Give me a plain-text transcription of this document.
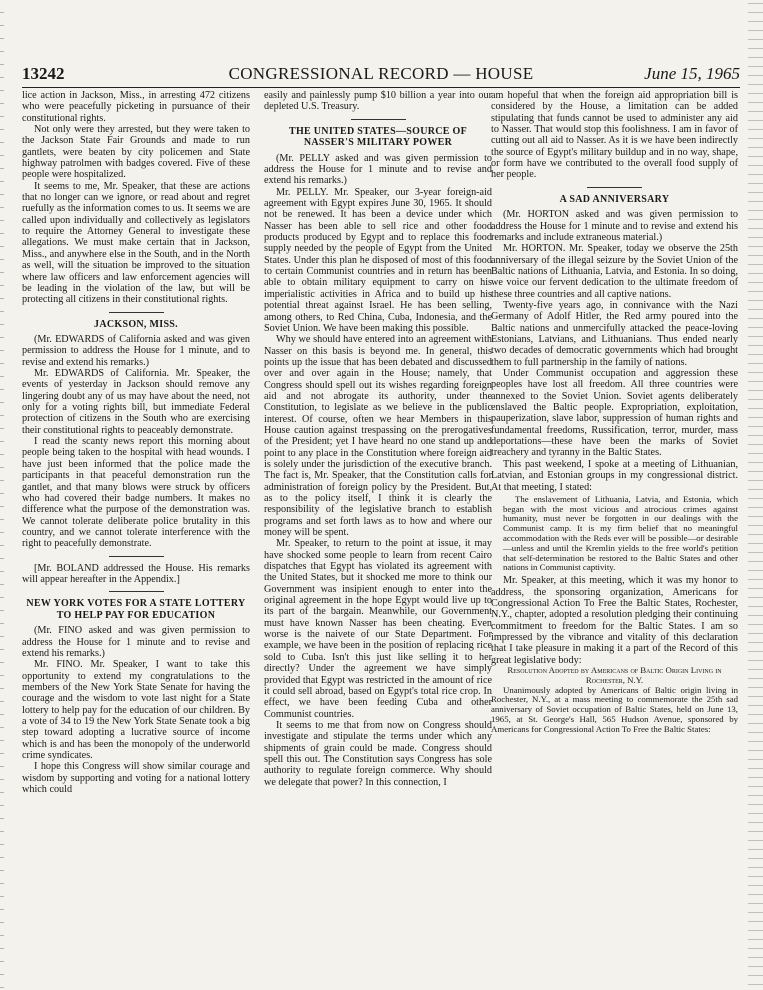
13242	CONGRESSIONAL RECORD — HOUSE	June 15, 1965

lice action in Jackson, Miss., in arresting 472 citizens who were peacefully picketing in pursuance of their constitutional rights.

Not only were they arrested, but they were taken to the Jackson State Fair Grounds and made to run gantlets, were beaten by city policemen and State highway patrolmen with badges covered. Five of these people were hospitalized.

It seems to me, Mr. Speaker, that these are actions that no longer can we ignore, or read about and regret ruefully as the information comes to us. It seems we are called upon individually and collectively as legislators to require the Attorney General to investigate these allegations. We must make certain that in Jackson, Miss., and anywhere else in the South, and in the North as well, will the situation be improved to the situation where law officers and law enforcement agencies will be leading in the violation of the law, but will be protecting all citizens in their constitutional rights.

JACKSON, MISS.

(Mr. EDWARDS of California asked and was given permission to address the House for 1 minute, and to revise and extend his remarks.)

Mr. EDWARDS of California. Mr. Speaker, the events of yesterday in Jackson should remove any lingering doubt any of us may have about the need, not only for a voting rights bill, but immediate Federal protection of citizens in the South who are exercising their constitutional rights to peaceably demonstrate.

I read the scanty news report this morning about people being taken to the hospital with head wounds. I have just been informed that the police made the participants in that peaceful demonstration run the gantlet, and that many blows were struck by officers who had covered their badge numbers. It makes no difference what the purpose of the demonstration was. We cannot tolerate deliberate police brutality in this country, and we cannot tolerate interference with the right to peacefully demonstrate.

[Mr. BOLAND addressed the House. His remarks will appear hereafter in the Appendix.]

NEW YORK VOTES FOR A STATE LOTTERY TO HELP PAY FOR EDUCATION

(Mr. FINO asked and was given permission to address the House for 1 minute and to revise and extend his remarks.)

Mr. FINO. Mr. Speaker, I want to take this opportunity to extend my congratulations to the members of the New York State Senate for having the courage and the wisdom to vote last night for a State lottery to help pay for the education of our children. By a vote of 34 to 19 the New York State Senate took a big step toward adopting a lucrative source of income which is and has been the monopoly of the underworld crime syndicates.

I hope this Congress will show similar courage and wisdom by supporting and voting for a national lottery which could

easily and painlessly pump $10 billion a year into our depleted U.S. Treasury.

THE UNITED STATES—SOURCE OF NASSER'S MILITARY POWER

(Mr. PELLY asked and was given permission to address the House for 1 minute and to revise and extend his remarks.)

Mr. PELLY. Mr. Speaker, our 3-year foreign-aid agreement with Egypt expires June 30, 1965. It should not be renewed. It has been a device under which Nasser has been able to sell rice and other food products produced by Egypt and to replace this food supply needed by the people of Egypt from the United States. Under this plan he disposed of most of this food to certain Communist countries and in return has been able to obtain military equipment to carry on his imperialistic activities in Africa and to build up his potential threat against Israel. He has been selling, among others, to Red China, Cuba, Indonesia, and the Soviet Union. We have been making this possible.

Why we should have entered into an agreement with Nasser on this basis is beyond me. In general, this points up the issue that has been debated and discussed over and over again in the House; namely, that Congress should spell out its wishes regarding foreign aid and not abrogate its authority, under the Constitution, to legislate as we believe in the public interest. Of course, often we hear Members in this House caution against trespassing on the prerogatives of the President; yet I have heard no one stand up and point to any place in the Constitution where foreign aid is solely under the jurisdiction of the executive branch. The fact is, Mr. Speaker, that the Constitution calls for administration of foreign policy by the President. But, as to the policy itself, I think it is clearly the responsibility of the legislative branch to establish programs and set forth laws as to how and where our money will be spent.

Mr. Speaker, to return to the point at issue, it may have shocked some people to learn from recent Cairo dispatches that Egypt has violated its agreement with the United States, but it shocked me more to think our Government was insipient enough to enter into the original agreement in the hope Egypt would live up to its part of the bargain. Meanwhile, our Government must have known Nasser has been cheating. Even worse is the naivete of our State Department. For example, we have been in the position of replacing rice sold to Cuba. Isn't this just like selling it to her directly? Under the agreement we have simply provided that Egypt was restricted in the amount of rice it could sell abroad, based on Egypt's total rice crop. In effect, we have been feeding Cuba and other Communist countries.

It seems to me that from now on Congress should investigate and stipulate the terms under which any shipments of grain could be made. Congress should spell this out. The Constitution says Congress has sole authority to regulate foreign commerce. Why should we delegate that power? In this connection, I

am hopeful that when the foreign aid appropriation bill is considered by the House, a limitation can be added stipulating that funds cannot be used to administer any aid to Nasser. That would stop this foolishness. I am in favor of cutting out all aid to Nasser. As it is we have been indirectly the source of Egypt's military buildup and in no way, shape, or form have we contributed to the overall food supply of her people.

A SAD ANNIVERSARY

(Mr. HORTON asked and was given permission to address the House for 1 minute and to revise and extend his remarks and include extraneous material.)

Mr. HORTON. Mr. Speaker, today we observe the 25th anniversary of the illegal seizure by the Soviet Union of the Baltic nations of Lithuania, Latvia, and Estonia. In so doing, we voice our fervent dedication to the ultimate freedom of these three countries and all captive nations.

Twenty-five years ago, in connivance with the Nazi Germany of Adolf Hitler, the Red army poured into the Baltic nations and unmercifully attacked the peace-loving Estonians, Latvians, and Lithuanians. Thus ended nearly two decades of democratic governments which had brought them to full partnership in the family of nations.

Under Communist occupation and aggression these peoples have lost all freedom. All three countries were annexed to the Soviet Union. Soviet agents deliberately enslaved the Baltic people. Expropriation, exploitation, pauperization, slave labor, suppression of human rights and fundamental freedoms, Russification, terror, murder, mass deportations—these have been the marks of Soviet treachery and tyranny in the Baltic States.

This past weekend, I spoke at a meeting of Lithuanian, Latvian, and Estonian groups in my congressional district. At that meeting, I stated:

The enslavement of Lithuania, Latvia, and Estonia, which began with the most vicious and atrocious crimes against humanity, must never be forgotten in our dealings with the Communist camp. It is my firm belief that no meaningful accommodation with the Reds ever will be possible—or desirable—unless and until the Kremlin yields to the free world's petition that self-determination be restored to the Baltic States and other nations in Communist captivity.

Mr. Speaker, at this meeting, which it was my honor to address, the sponsoring organization, Americans for Congressional Action To Free the Baltic States, Rochester, N.Y., chapter, adopted a resolution pledging their continuing commitment to freedom for the Baltic States. I am so impressed by the vibrance and vitality of this declaration that I take pleasure in making it a part of the Record of this great legislative body:

Resolution Adopted by Americans of Baltic Origin Living in Rochester, N.Y.

Unanimously adopted by Americans of Baltic origin living in Rochester, N.Y., at a mass meeting to commemorate the 25th sad anniversary of Soviet occupation of Baltic States, held on June 13, 1965, at St. George's Hall, 565 Hudson Avenue, sponsored by Americans for Congressional Action To Free the Baltic States:
